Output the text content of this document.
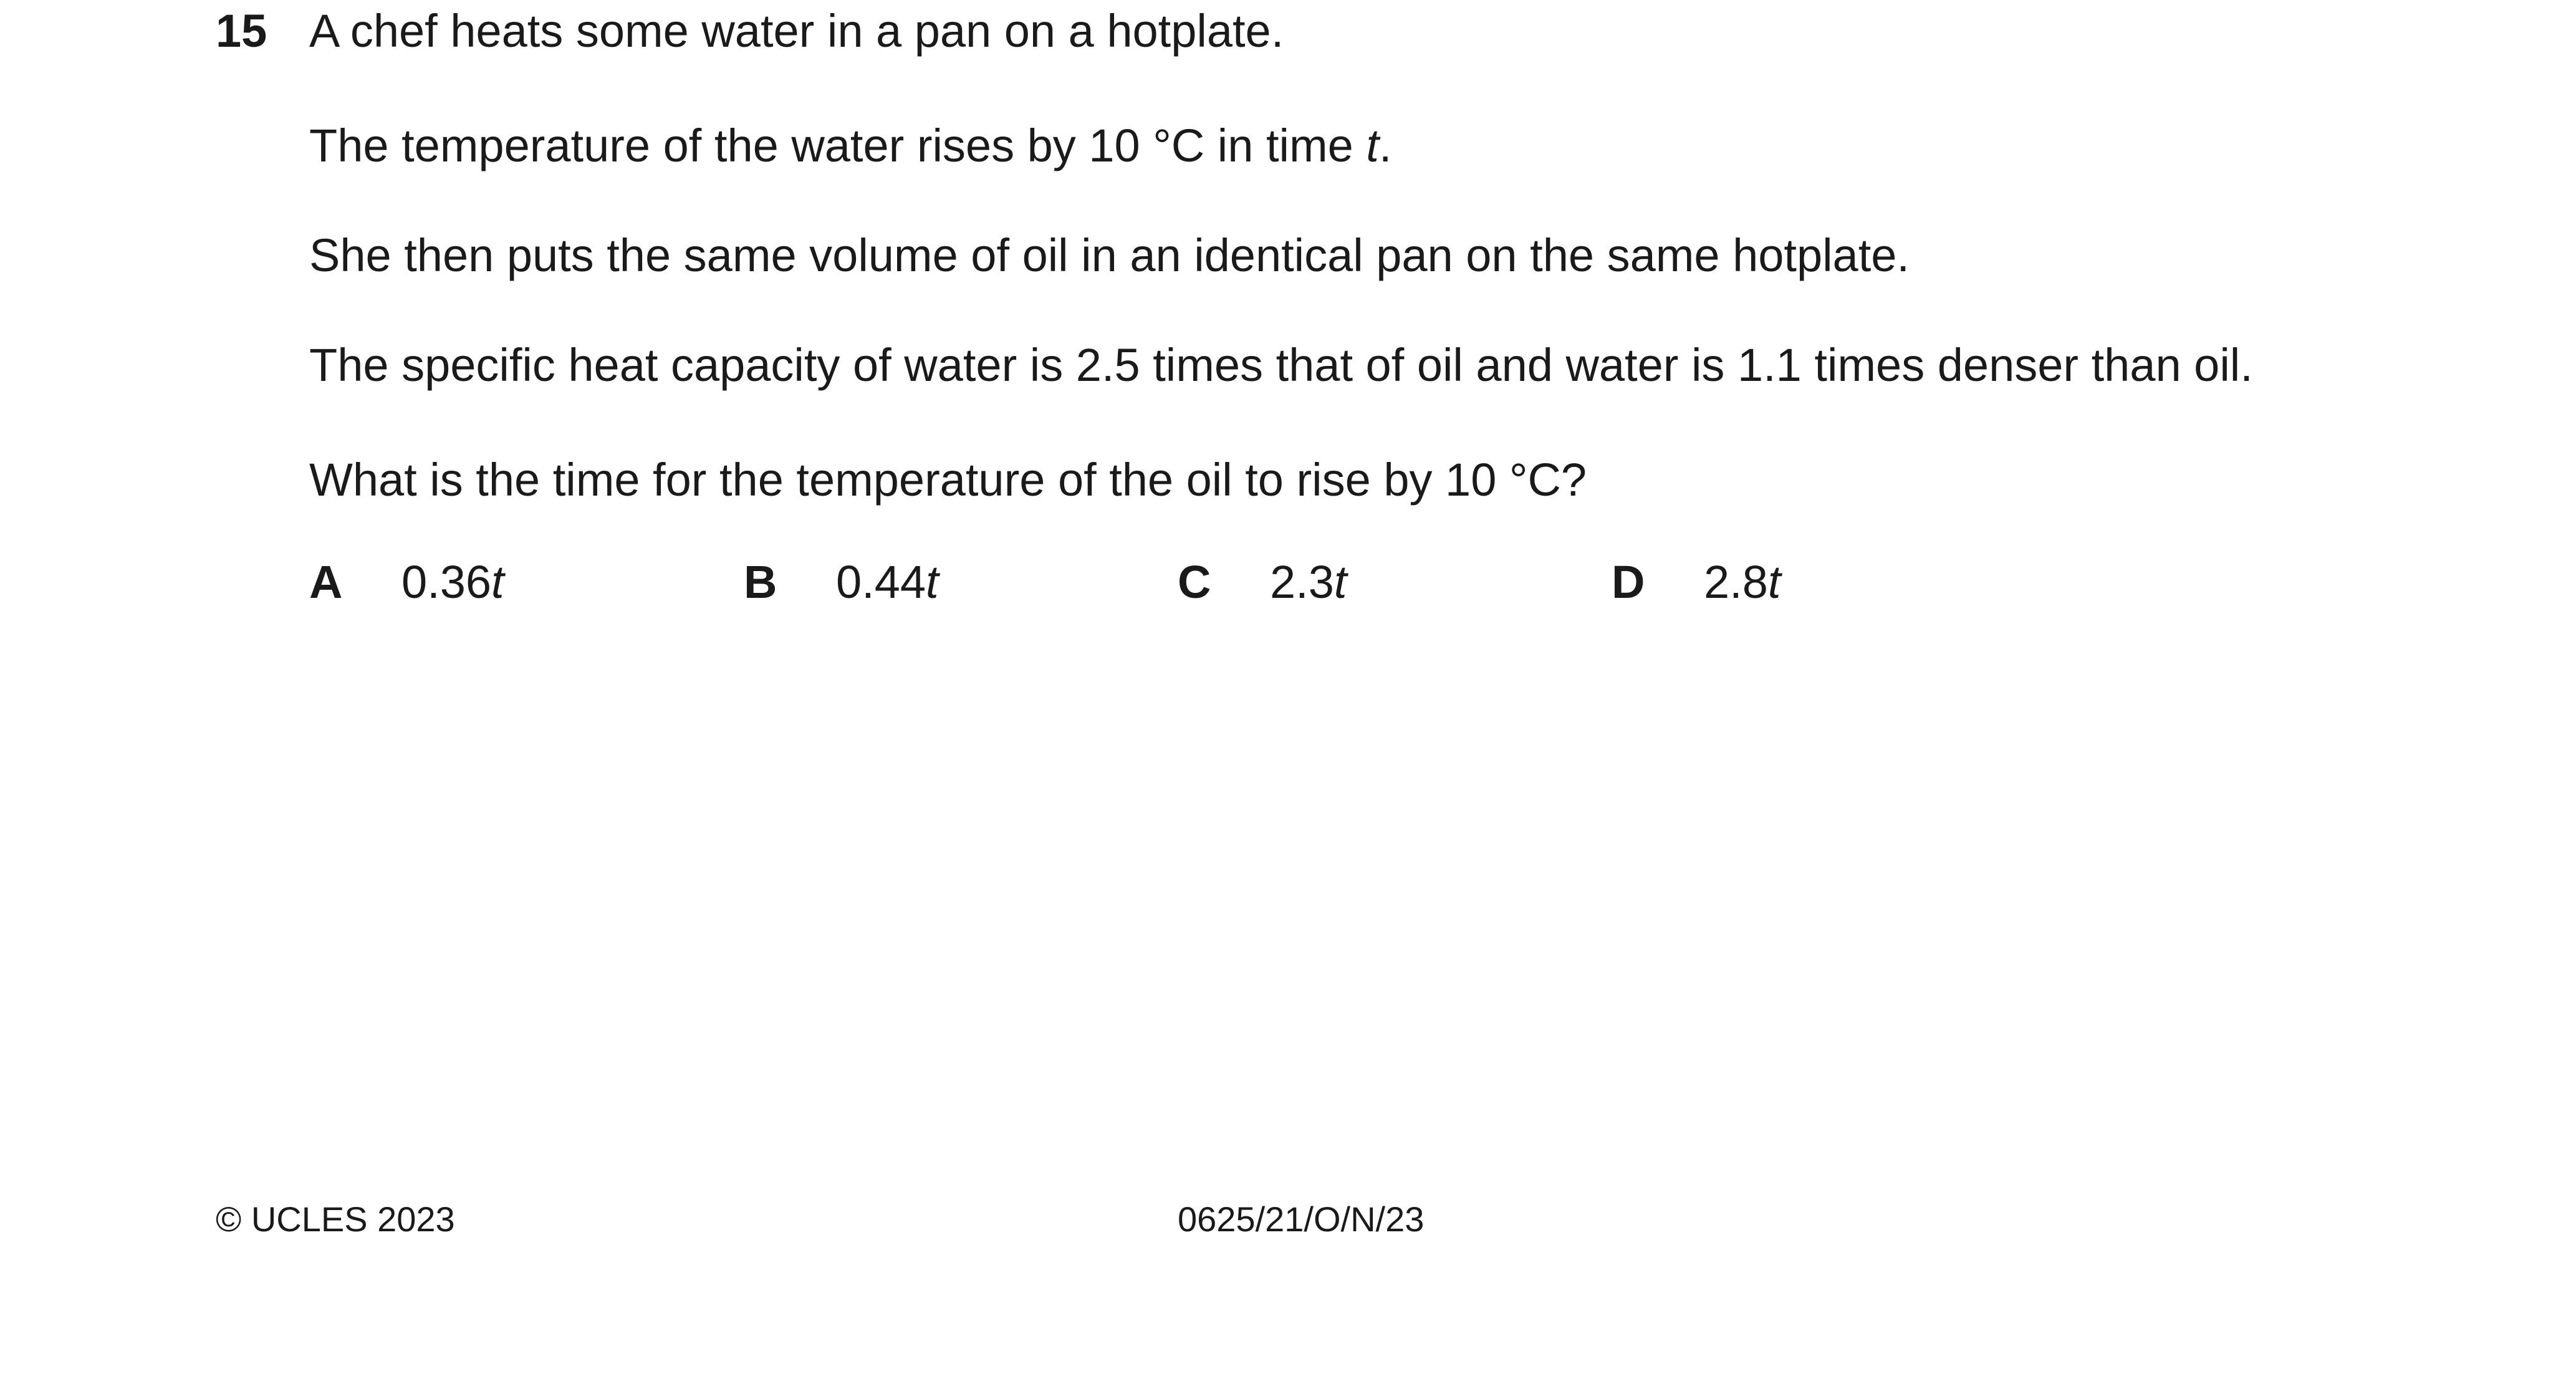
15 A chef heats some water in a pan on a hotplate.
The temperature of the water rises by 10 °C in time t.
She then puts the same volume of oil in an identical pan on the same hotplate.
The specific heat capacity of water is 2.5 times that of oil and water is 1.1 times denser than oil.
What is the time for the temperature of the oil to rise by 10 °C?
A 0.36t	B 0.44t	C 2.3t	D 2.8t
© UCLES 2023	0625/21/O/N/23
